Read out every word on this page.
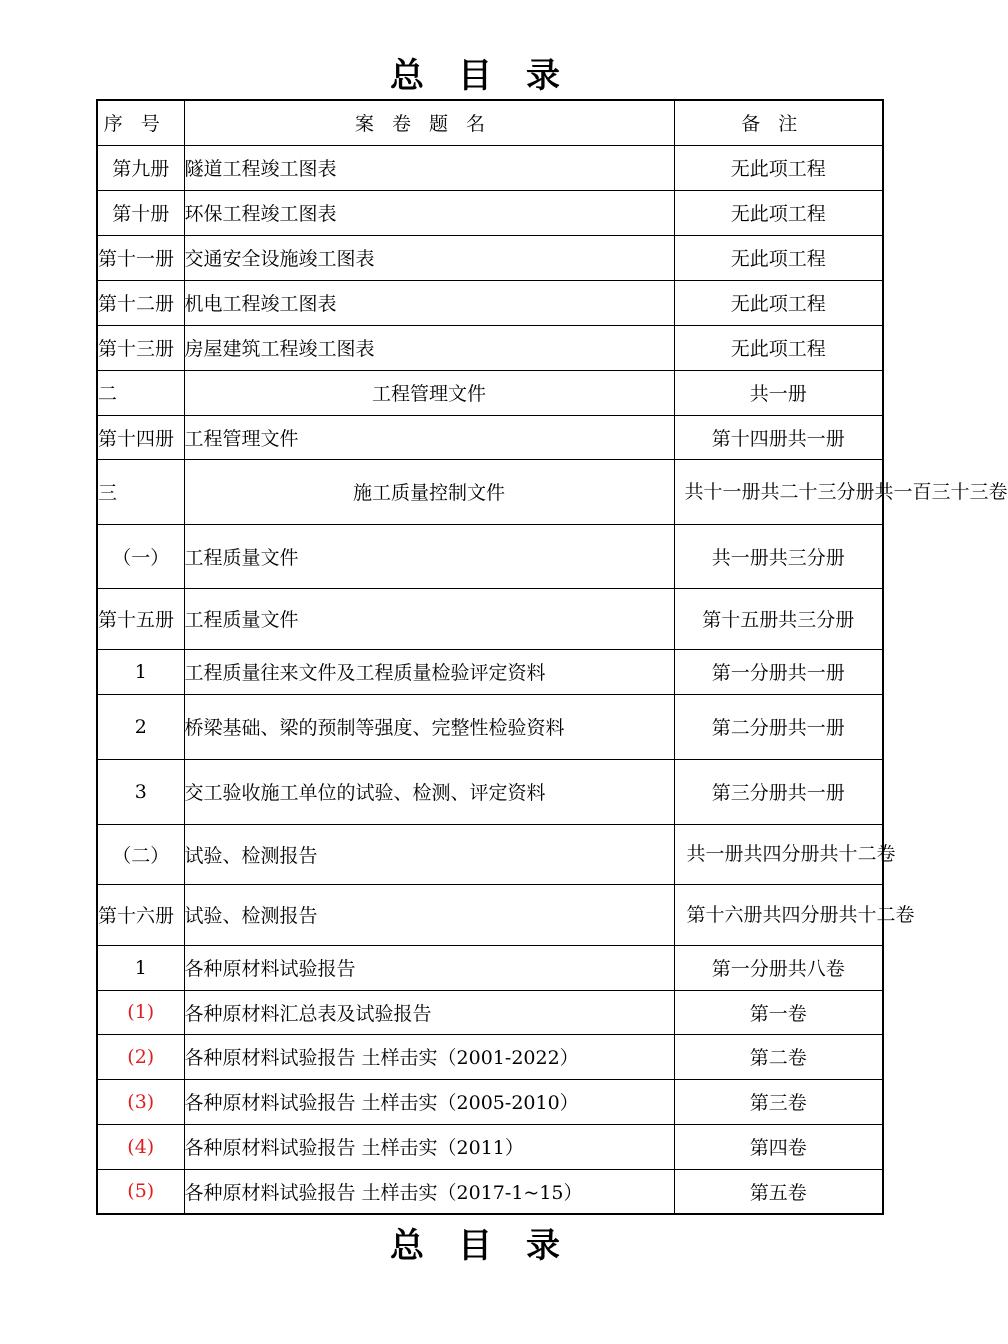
总目录
序号	案卷题名	备注
第九册	隧道工程竣工图表	无此项工程
第十册	环保工程竣工图表	无此项工程
第十一册	交通安全设施竣工图表	无此项工程
第十二册	机电工程竣工图表	无此项工程
第十三册	房屋建筑工程竣工图表	无此项工程
二	工程管理文件	共一册
第十四册	工程管理文件	第十四册共一册
三	施工质量控制文件	共十一册共二十三分册共一百三十三卷
（一）	工程质量文件	共一册共三分册
第十五册	工程质量文件	第十五册共三分册
1	工程质量往来文件及工程质量检验评定资料	第一分册共一册
2	桥梁基础、梁的预制等强度、完整性检验资料	第二分册共一册
3	交工验收施工单位的试验、检测、评定资料	第三分册共一册
（二）	试验、检测报告	共一册共四分册共十二卷
第十六册	试验、检测报告	第十六册共四分册共十二卷
1	各种原材料试验报告	第一分册共八卷
(1)	各种原材料汇总表及试验报告	第一卷
(2)	各种原材料试验报告 土样击实（2001-2022）	第二卷
(3)	各种原材料试验报告 土样击实（2005-2010）	第三卷
(4)	各种原材料试验报告 土样击实（2011）	第四卷
(5)	各种原材料试验报告 土样击实（2017-1~15）	第五卷
总目录
